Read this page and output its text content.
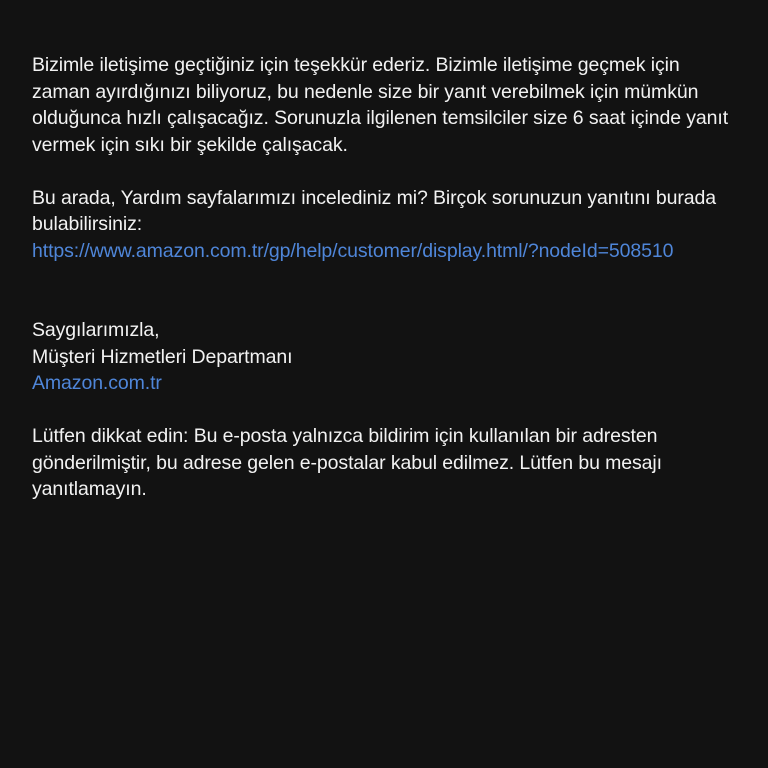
Bizimle iletişime geçtiğiniz için teşekkür ederiz. Bizimle iletişime geçmek için zaman ayırdığınızı biliyoruz, bu nedenle size bir yanıt verebilmek için mümkün olduğunca hızlı çalışacağız. Sorunuzla ilgilenen temsilciler size 6 saat içinde yanıt vermek için sıkı bir şekilde çalışacak.

Bu arada, Yardım sayfalarımızı incelediniz mi? Birçok sorunuzun yanıtını burada bulabilirsiniz:
https://www.amazon.com.tr/gp/help/customer/display.html/?nodeId=508510

Saygılarımızla,
Müşteri Hizmetleri Departmanı
Amazon.com.tr

Lütfen dikkat edin: Bu e-posta yalnızca bildirim için kullanılan bir adresten gönderilmiştir, bu adrese gelen e-postalar kabul edilmez. Lütfen bu mesajı yanıtlamayın.
